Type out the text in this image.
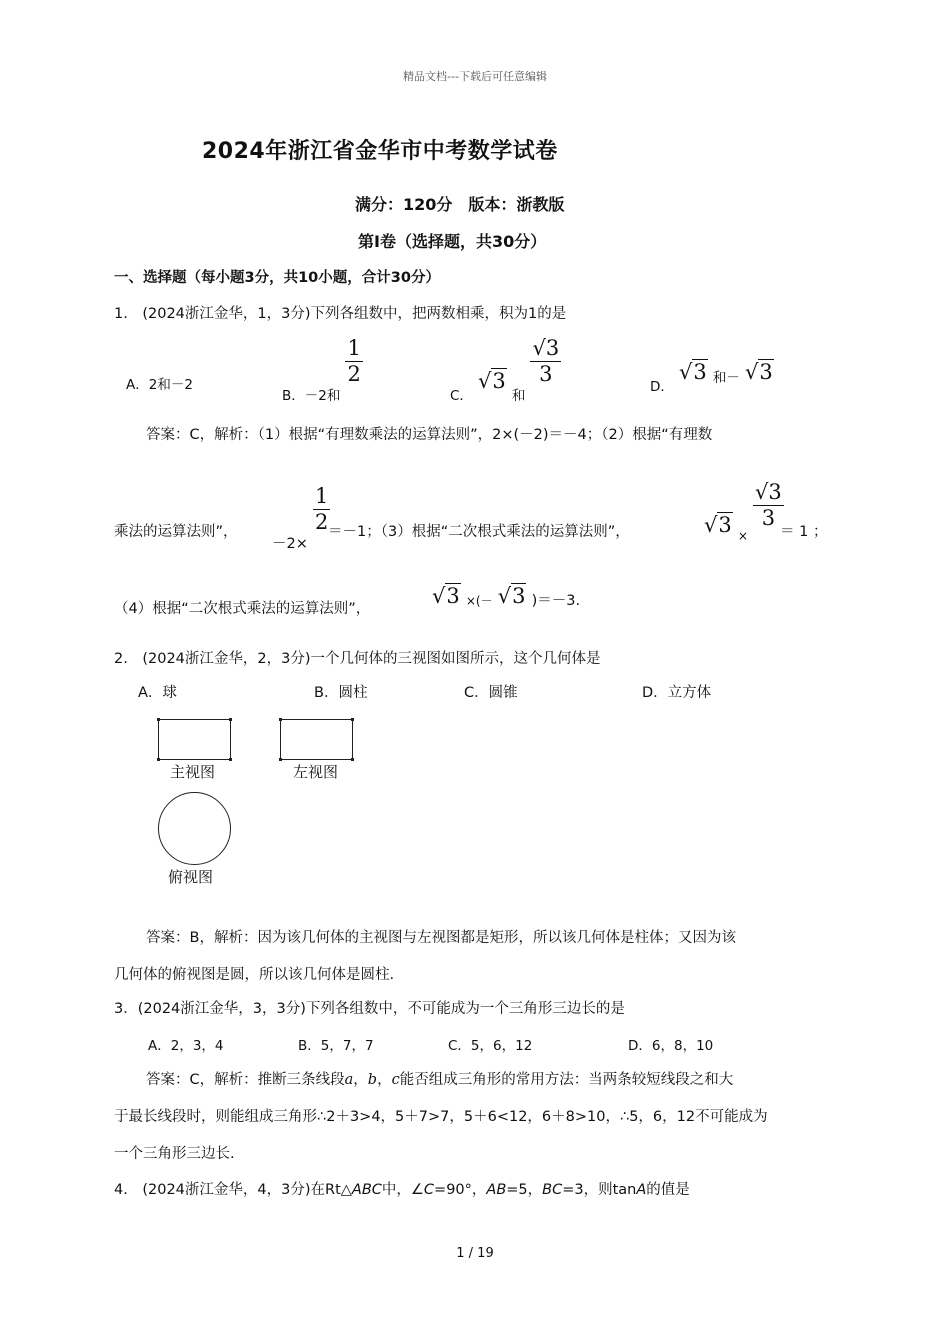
精品文档---下载后可任意编辑
2024年浙江省金华市中考数学试卷
满分：120分　版本：浙教版
第Ⅰ卷（选择题，共30分）
一、选择题（每小题3分，共10小题，合计30分）
1.　(2024浙江金华，1，3分)下列各组数中，把两数相乘，积为1的是
A．2和－2
$_{B.-2和}$
$\frac{1}{2}$
$_{C.}$ √3 $_和$
$\frac{√3}{3}$
$_{D.}$ √3 和－ √3
答案：C，解析：（1）根据“有理数乘法的运算法则”，2×(－2)＝－4；（2）根据“有理数
乘法的运算法则”，
－2×
$\frac{1}{2}$
＝－1；（3）根据“二次根式乘法的运算法则”，	√3 $_\times$
$\frac{√3}{3}$
＝ 1 ；
（4）根据“二次根式乘法的运算法则”，
√3 ×(－ √3 )＝－3.
2.　(2024浙江金华，2，3分)一个几何体的三视图如图所示，这个几何体是
A．球	B．圆柱	C．圆锥	D．立方体
主视图	左视图
俯视图
答案：B，解析：因为该几何体的主视图与左视图都是矩形，所以该几何体是柱体；又因为该
几何体的俯视图是圆，所以该几何体是圆柱.
3．(2024浙江金华，3，3分)下列各组数中，不可能成为一个三角形三边长的是
A．2，3，4	B．5，7，7	C．5，6，12	D．6，8，10
答案：C，解析：推断三条线段a，b，c能否组成三角形的常用方法：当两条较短线段之和大
于最长线段时，则能组成三角形∴2＋3>4，5＋7>7，5＋6<12，6＋8>10，∴5，6，12不可能成为
一个三角形三边长.
4.　(2024浙江金华，4，3分)在Rt△ABC中，∠C=90°，AB=5，BC=3，则tanA的值是
1 / 19
